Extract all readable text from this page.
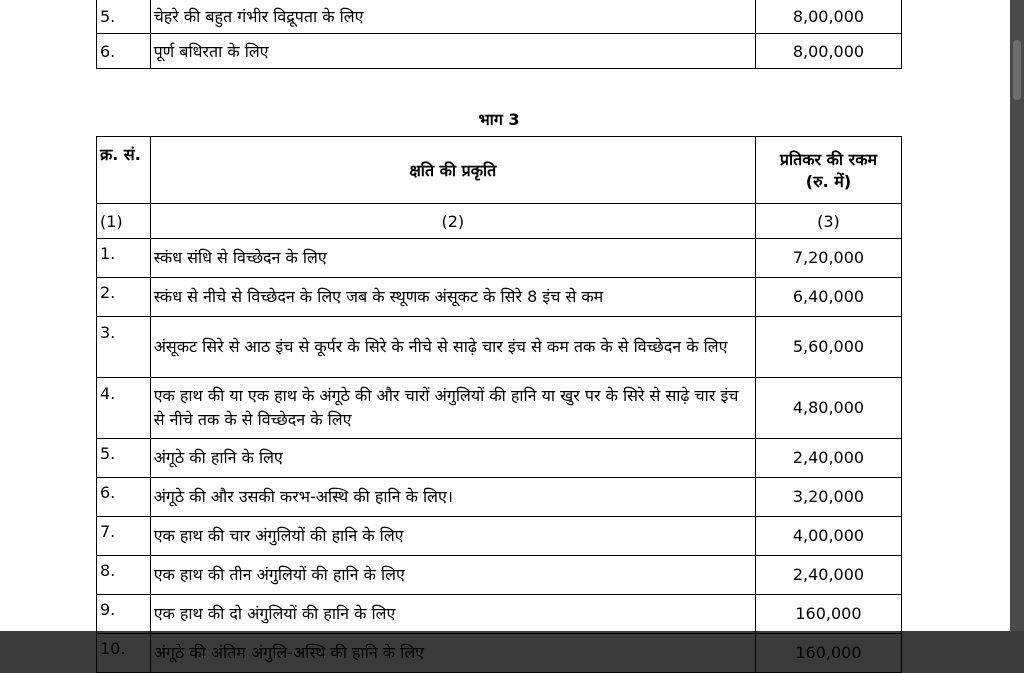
5.	चेहरे की बहुत गंभीर विद्रूपता के लिए	8,00,000
6.	पूर्ण बधिरता के लिए	8,00,000
भाग 3
क्र. सं.	क्षति की प्रकृति	प्रतिकर की रकम
(रु. में)

(1)	(2)	(3)
1.	स्कंध संधि से विच्छेदन के लिए	7,20,000
2.	स्कंध से नीचे से विच्छेदन के लिए जब के स्थूणक अंसूकट के सिरे 8 इंच से कम	6,40,000
3.	अंसूकट सिरे से आठ इंच से कूर्पर के सिरे के नीचे से साढ़े चार इंच से कम तक के से विच्छेदन के लिए	5,60,000
4.	एक हाथ की या एक हाथ के अंगूठे की और चारों अंगुलियों की हानि या खुर पर के सिरे से साढ़े चार इंच से नीचे तक के से विच्छेदन के लिए	4,80,000
5.	अंगूठे की हानि के लिए	2,40,000
6.	अंगूठे की और उसकी करभ-अस्थि की हानि के लिए।	3,20,000
7.	एक हाथ की चार अंगुलियों की हानि के लिए	4,00,000
8.	एक हाथ की तीन अंगुलियों की हानि के लिए	2,40,000
9.	एक हाथ की दो अंगुलियों की हानि के लिए	160,000
10.	अंगूठे की अंतिम अंगुलि-अस्थि की हानि के लिए	160,000
